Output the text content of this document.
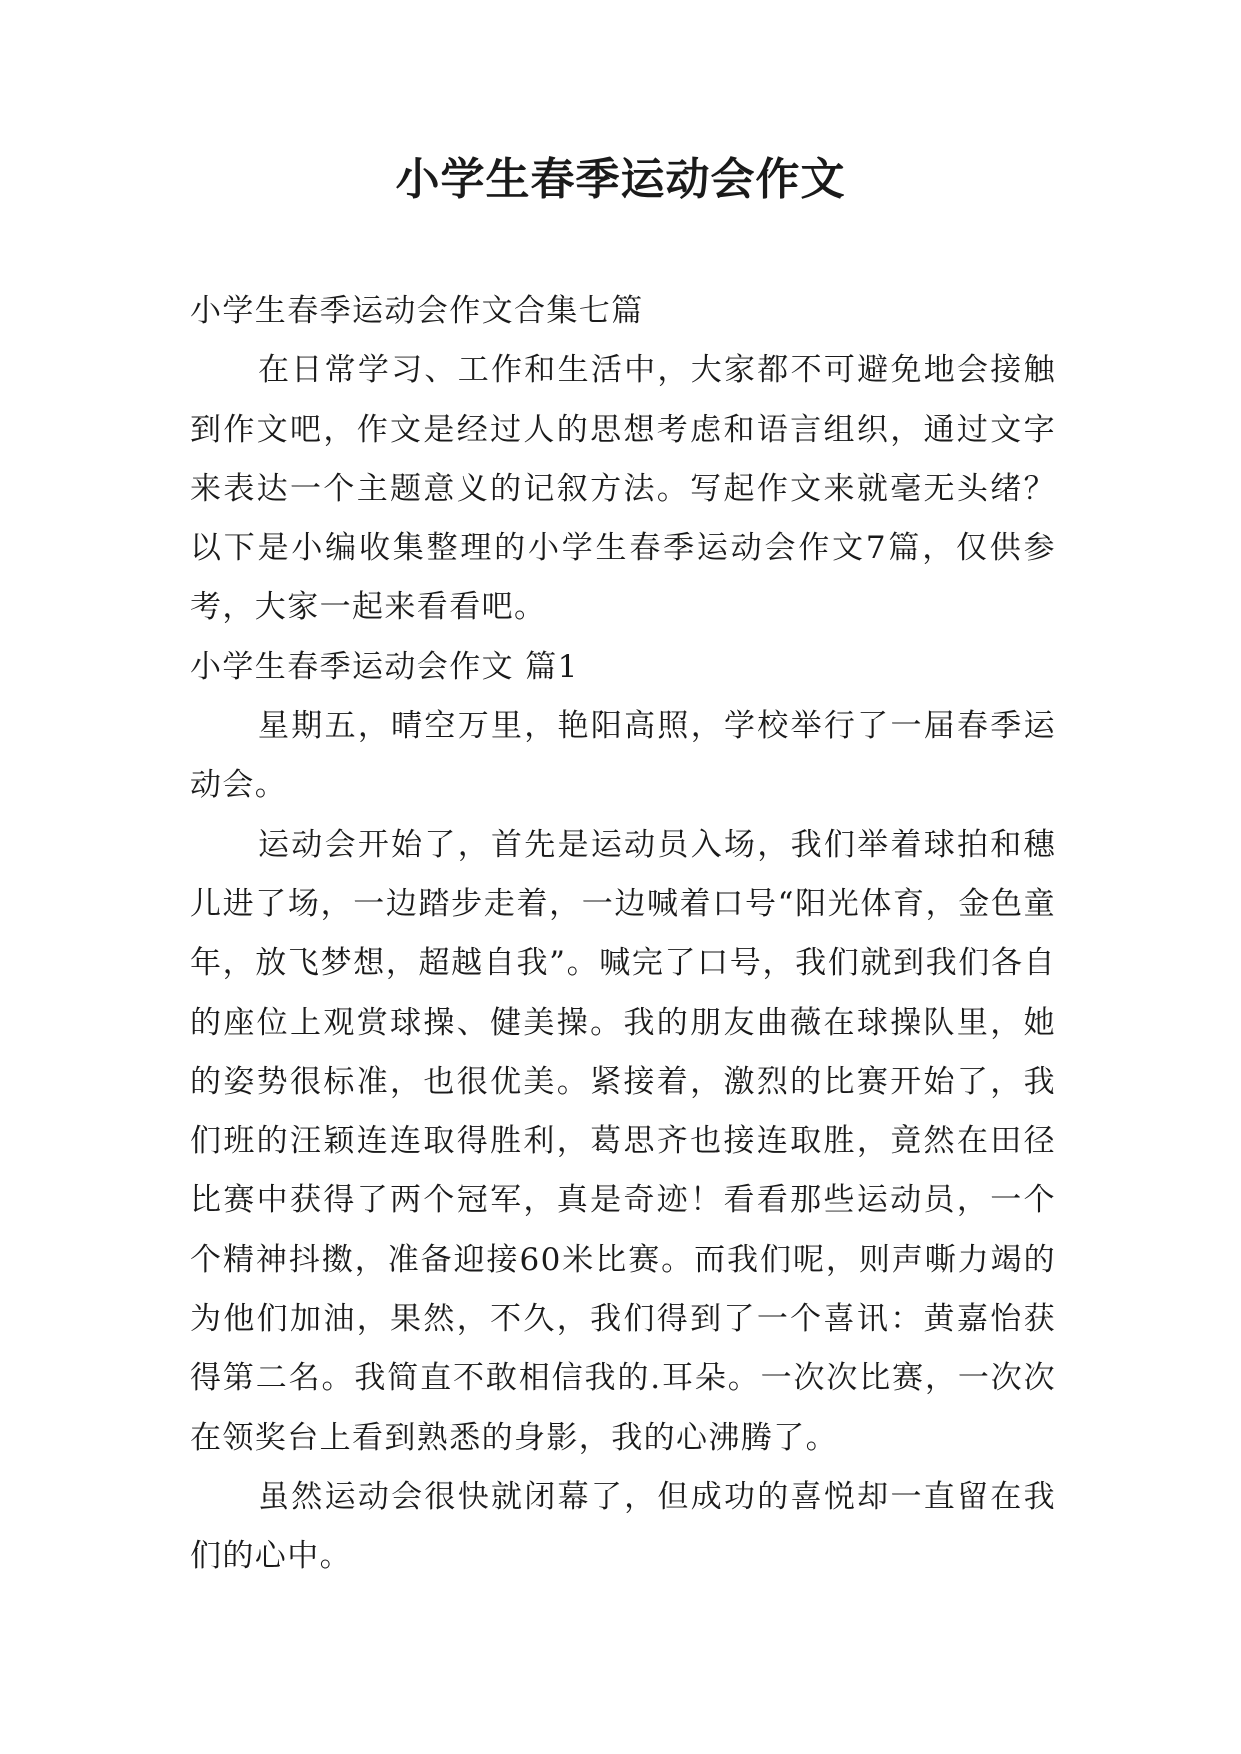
小学生春季运动会作文

小学生春季运动会作文合集七篇

在日常学习、工作和生活中，大家都不可避免地会接触到作文吧，作文是经过人的思想考虑和语言组织，通过文字来表达一个主题意义的记叙方法。写起作文来就毫无头绪？以下是小编收集整理的小学生春季运动会作文7篇，仅供参考，大家一起来看看吧。

小学生春季运动会作文 篇1

星期五，晴空万里，艳阳高照，学校举行了一届春季运动会。

运动会开始了，首先是运动员入场，我们举着球拍和穗儿进了场，一边踏步走着，一边喊着口号“阳光体育，金色童年，放飞梦想，超越自我”。喊完了口号，我们就到我们各自的座位上观赏球操、健美操。我的朋友曲薇在球操队里，她的姿势很标准，也很优美。紧接着，激烈的比赛开始了，我们班的汪颖连连取得胜利，葛思齐也接连取胜，竟然在田径比赛中获得了两个冠军，真是奇迹！看看那些运动员，一个个精神抖擞，准备迎接60米比赛。而我们呢，则声嘶力竭的为他们加油，果然，不久，我们得到了一个喜讯：黄嘉怡获得第二名。我简直不敢相信我的.耳朵。一次次比赛，一次次在领奖台上看到熟悉的身影，我的心沸腾了。

虽然运动会很快就闭幕了，但成功的喜悦却一直留在我们的心中。
